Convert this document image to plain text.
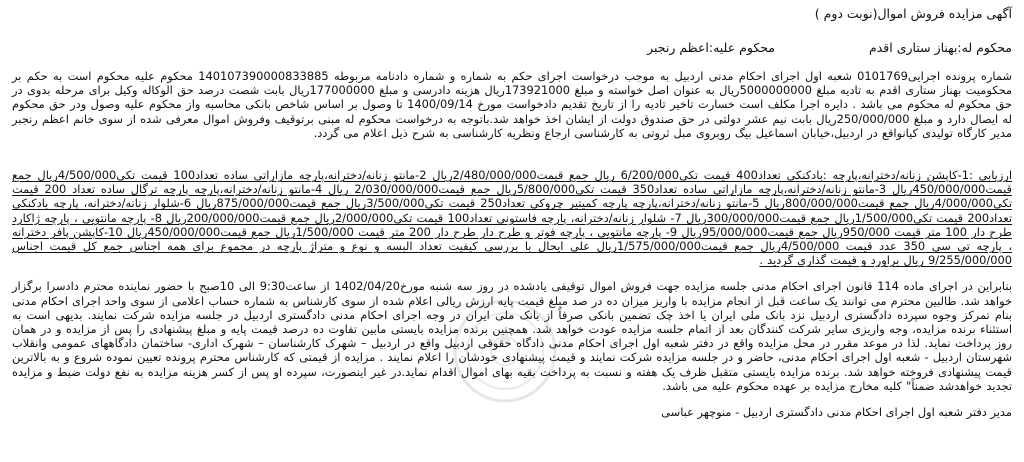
آگهی مزایده فروش اموال(نوبت دوم )
محکوم له:بهناز ستاری اقدم
محکوم علیه:اعظم رنجبر

شماره پرونده اجرایی0101769 شعبه اول اجرای احکام مدنی اردبیل به موجب درخواست اجرای حکم به شماره و شماره دادنامه مربوطه 140107390000833885 محکوم علیه محکوم است به حکم بر محکومیت بهناز ستاری اقدم به تادیه مبلغ 5000000000ریال به عنوان اصل خواسته و مبلغ 173921000ریال هزینه دادرسی و مبلغ 177000000ریال بابت شصت درصد حق الوکاله وکیل برای مرحله بدوی در حق محکوم له محکوم می باشد . دایره اجرا مکلف است خسارت تاخیر تادیه را از تاریخ تقدیم دادخواست مورخ 1400/09/14 تا وصول بر اساس شاخص بانکی محاسبه واز محکوم علیه وصول ودر حق محکوم له ایصال دارد و مبلغ 250/000/000ریال بابت نیم عشر دولتی در حق صندوق دولت از ایشان اخذ خواهد شد.باتوجه به درخواست محکوم له مبنی برتوقیف وفروش اموال معرفی شده از سوی خانم اعظم رنجبر مدیر کارگاه تولیدی کیانواقع در اردبیل،خیابان اسماعیل بیگ روبروی مبل ثروتی به کارشناسی ارجاع ونظریه کارشناسی به شرح ذیل اعلام می گردد.

ارزیابی :1-کاپشن زنانه/دخترانه،پارچه :بادکنکی تعداد400 قیمت تکی6/200/000 ریال جمع قیمت2/480/000/000ریال 2-مانتو زنانه/دخترانه،پارچه مازاراتی ساده تعداد100 قیمت تکی4/500/000ریال جمع قیمت450/000/000ریال 3-مانتو زنانه/دخترانه،پارچه مازاراتی ساده تعداد350 قیمت تکی5/800/000ریال جمع قیمت2/030/000/000 ریال 4-مانتو زنانه/دخترانه،پارچه پارچه ترگال ساده تعداد 200 قیمت تکی4/000/000ریال جمع قیمت800/000/000ریال 5-مانتو زنانه/دخترانه،پارچه پارچه کمیتیر چروکی تعداد250 قیمت تکی3/500/000ریال جمع قیمت875/000/000ریال 6-شلوار زنانه/دخترانه، پارچه بادکنکی تعداد200 قیمت تکی1/500/000ریال جمع قیمت300/000/000ریال 7- شلوار زنانه/دخترانه، پارچه فاستونی تعداد100 قیمت تکی2/000/000ریال جمع قیمت200/000/000ریال 8- پارچه مانتویی ، پارچه ژاکارد طرح دار 100 متر قیمت 950/000ریال جمع قیمت95/000/000ریال 9- پارچه مانتویی ، پارچه فوتر و طرح دار طرح دار 200 متر قیمت 1/500/000ریال جمع قیمت450/000/000ریال 10-کاپشن پافر دخترانه ، پارچه تی سی 350 عدد قیمت 4/500/000ریال جمع قیمت1/575/000/000ریال علی ایحال با بررسی کیفیت تعداد البسه و نوع و متراژ پارچه در مجموع برای همه اجناس جمع کل قیمت اجناس 9/255/000/000 ریال براورد و قیمت گذاری گردید .

بنابراین در اجرای ماده 114 قانون اجرای احکام مدنی جلسه مزایده جهت فروش اموال توقیفی یادشده در روز سه شنبه مورخ1402/04/20 از ساعت9:30 الی 10صبح با حضور نماینده محترم دادسرا برگزار خواهد شد. طالبین محترم می توانند یک ساعت قبل از انجام مزایده با واریز میزان ده در صد مبلغ قیمت پایه ارزش ریالی اعلام شده از سوی کارشناس به شماره حساب اعلامی از سوی واحد اجرای احکام مدنی بنام تمرکز وجوه سپرده دادگستری اردبیل نزد بانک ملی ایران یا اخذ چک تضمین بانکی صرفاً از بانک ملی ایران در وجه اجرای احکام مدنی دادگستری اردبیل در جلسه مزایده شرکت نمایند. بدیهی است به استثناء برنده مزایده، وجه واریزی سایر شرکت کنندگان بعد از اتمام جلسه مزایده عودت خواهد شد. همچنین برنده مزایده بایستی مابین تفاوت ده درصد قیمت پایه و مبلغ پیشنهادی را پس از مزایده و در همان روز پرداخت نماید. لذا در موعد مقرر در محل مزایده واقع در دفتر شعبه اول اجرای احکام مدنی دادگاه حقوقی اردبیل واقع در اردبیل – شهرک کارشناسان – شهرک اداری- ساختمان دادگاههای عمومی وانقلاب شهرستان اردبیل - شعبه اول اجرای احکام مدنی، حاضر و در جلسه مزایده شرکت نمایند و قیمت پیشنهادی خودشان را اعلام نمایند . مزایده از قیمتی که کارشناس محترم پرونده تعیین نموده شروع و به بالاترین قیمت پیشنهادی فروخته خواهد شد. برنده مزایده بایستی متقبل ظرف یک هفته و نسبت به پرداخت بقیه بهای اموال اقدام نماید.در غیر اینصورت، سپرده او پس از کسر هزینه مزایده به نفع دولت ضبط و مزایده تجدید خواهدشد ضمناً" کلیه مخارج مزایده بر عهده محکوم علیه می باشد.

مدیر دفتر شعبه اول اجرای احکام مدنی دادگستری اردبیل - منوچهر عباسی
